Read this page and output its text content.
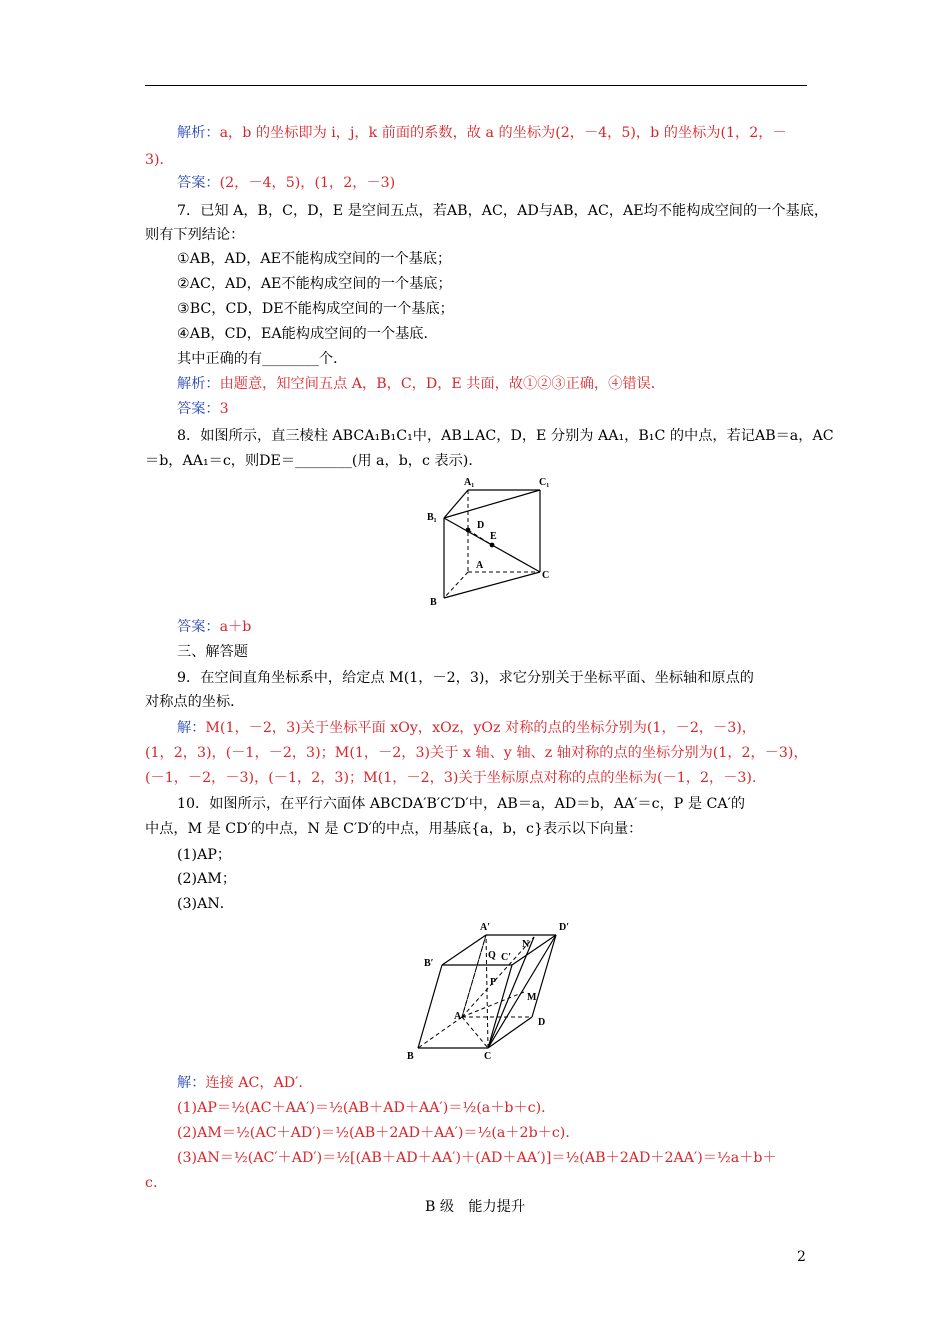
解析：a，b 的坐标即为 i，j，k 前面的系数，故 a 的坐标为(2，－4，5)，b 的坐标为(1，2，－
3)．
答案：(2，－4，5)，(1，2，－3)
7．已知 A，B，C，D，E 是空间五点，若AB，AC，AD与AB，AC，AE均不能构成空间的一个基底，
则有下列结论：
①AB，AD，AE不能构成空间的一个基底；
②AC，AD，AE不能构成空间的一个基底；
③BC，CD，DE不能构成空间的一个基底；
④AB，CD，EA能构成空间的一个基底．
其中正确的有________个．
解析：由题意，知空间五点 A，B，C，D，E 共面，故①②③正确，④错误．
答案：3
8．如图所示，直三棱柱 ABCA₁B₁C₁中，AB⊥AC，D，E 分别为 AA₁，B₁C 的中点，若记AB＝a，AC
＝b，AA₁＝c，则DE＝________(用 a，b，c 表示)．
A₁	C₁
B₁
D
E
A
C
B
答案：a＋b
三、解答题
9．在空间直角坐标系中，给定点 M(1，－2，3)，求它分别关于坐标平面、坐标轴和原点的
对称点的坐标．
解：M(1，－2，3)关于坐标平面 xOy，xOz，yOz 对称的点的坐标分别为(1，－2，－3)，
(1，2，3)，(－1，－2，3)；M(1，－2，3)关于 x 轴、y 轴、z 轴对称的点的坐标分别为(1，2，－3)，
(－1，－2，－3)，(－1，2，3)；M(1，－2，3)关于坐标原点对称的点的坐标为(－1，2，－3)．
10．如图所示，在平行六面体 ABCDA′B′C′D′中，AB＝a，AD＝b，AA′＝c，P 是 CA′的
中点，M 是 CD′的中点，N 是 C′D′的中点，用基底{a，b，c}表示以下向量：
(1)AP；
(2)AM；
(3)AN．
A′	D′
B′
N
Q C′
P
M
A
D
B	C
解：连接 AC，AD′．
(1)AP＝½(AC＋AA′)＝½(AB＋AD＋AA′)＝½(a＋b＋c)．
(2)AM＝½(AC＋AD′)＝½(AB＋2AD＋AA′)＝½(a＋2b＋c)．
(3)AN＝½(AC′＋AD′)＝½[(AB＋AD＋AA′)＋(AD＋AA′)]＝½(AB＋2AD＋2AA′)＝½a＋b＋
c．
B 级　能力提升
2
